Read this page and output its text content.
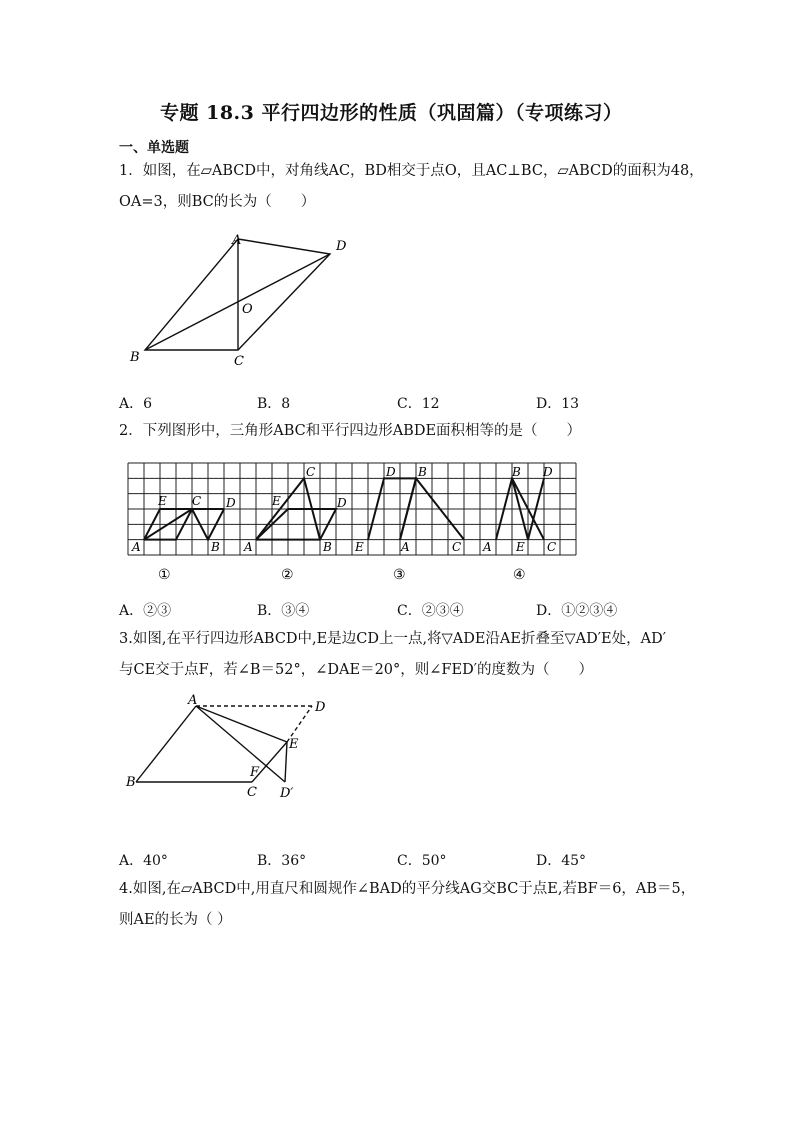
专题 18.3 平行四边形的性质（巩固篇）（专项练习）
一、单选题
1．如图，在▱ABCD中，对角线AC，BD相交于点O，且AC⊥BC，▱ABCD的面积为48，
OA=3，则BC的长为（　　）
A	D
O
B	C
A．6	B．8	C．12	D．13
2．下列图形中，三角形ABC和平行四边形ABDE面积相等的是（　　）
A
E C D
B A
E
C
D
B E
D B
A	C A
B D
E C
①	②	③	④
A．②③	B．③④	C．②③④	D．①②③④
3.如图,在平行四边形ABCD中,E是边CD上一点,将▽ADE沿AE折叠至▽AD′E处，AD′
与CE交于点F，若∠B＝52°，∠DAE＝20°，则∠FED′的度数为（　　）
A	D
E
F
B
C D′
A．40°	B．36°	C．50°	D．45°
4.如图,在▱ABCD中,用直尺和圆规作∠BAD的平分线AG交BC于点E,若BF＝6，AB＝5，
则AE的长为（ ）
